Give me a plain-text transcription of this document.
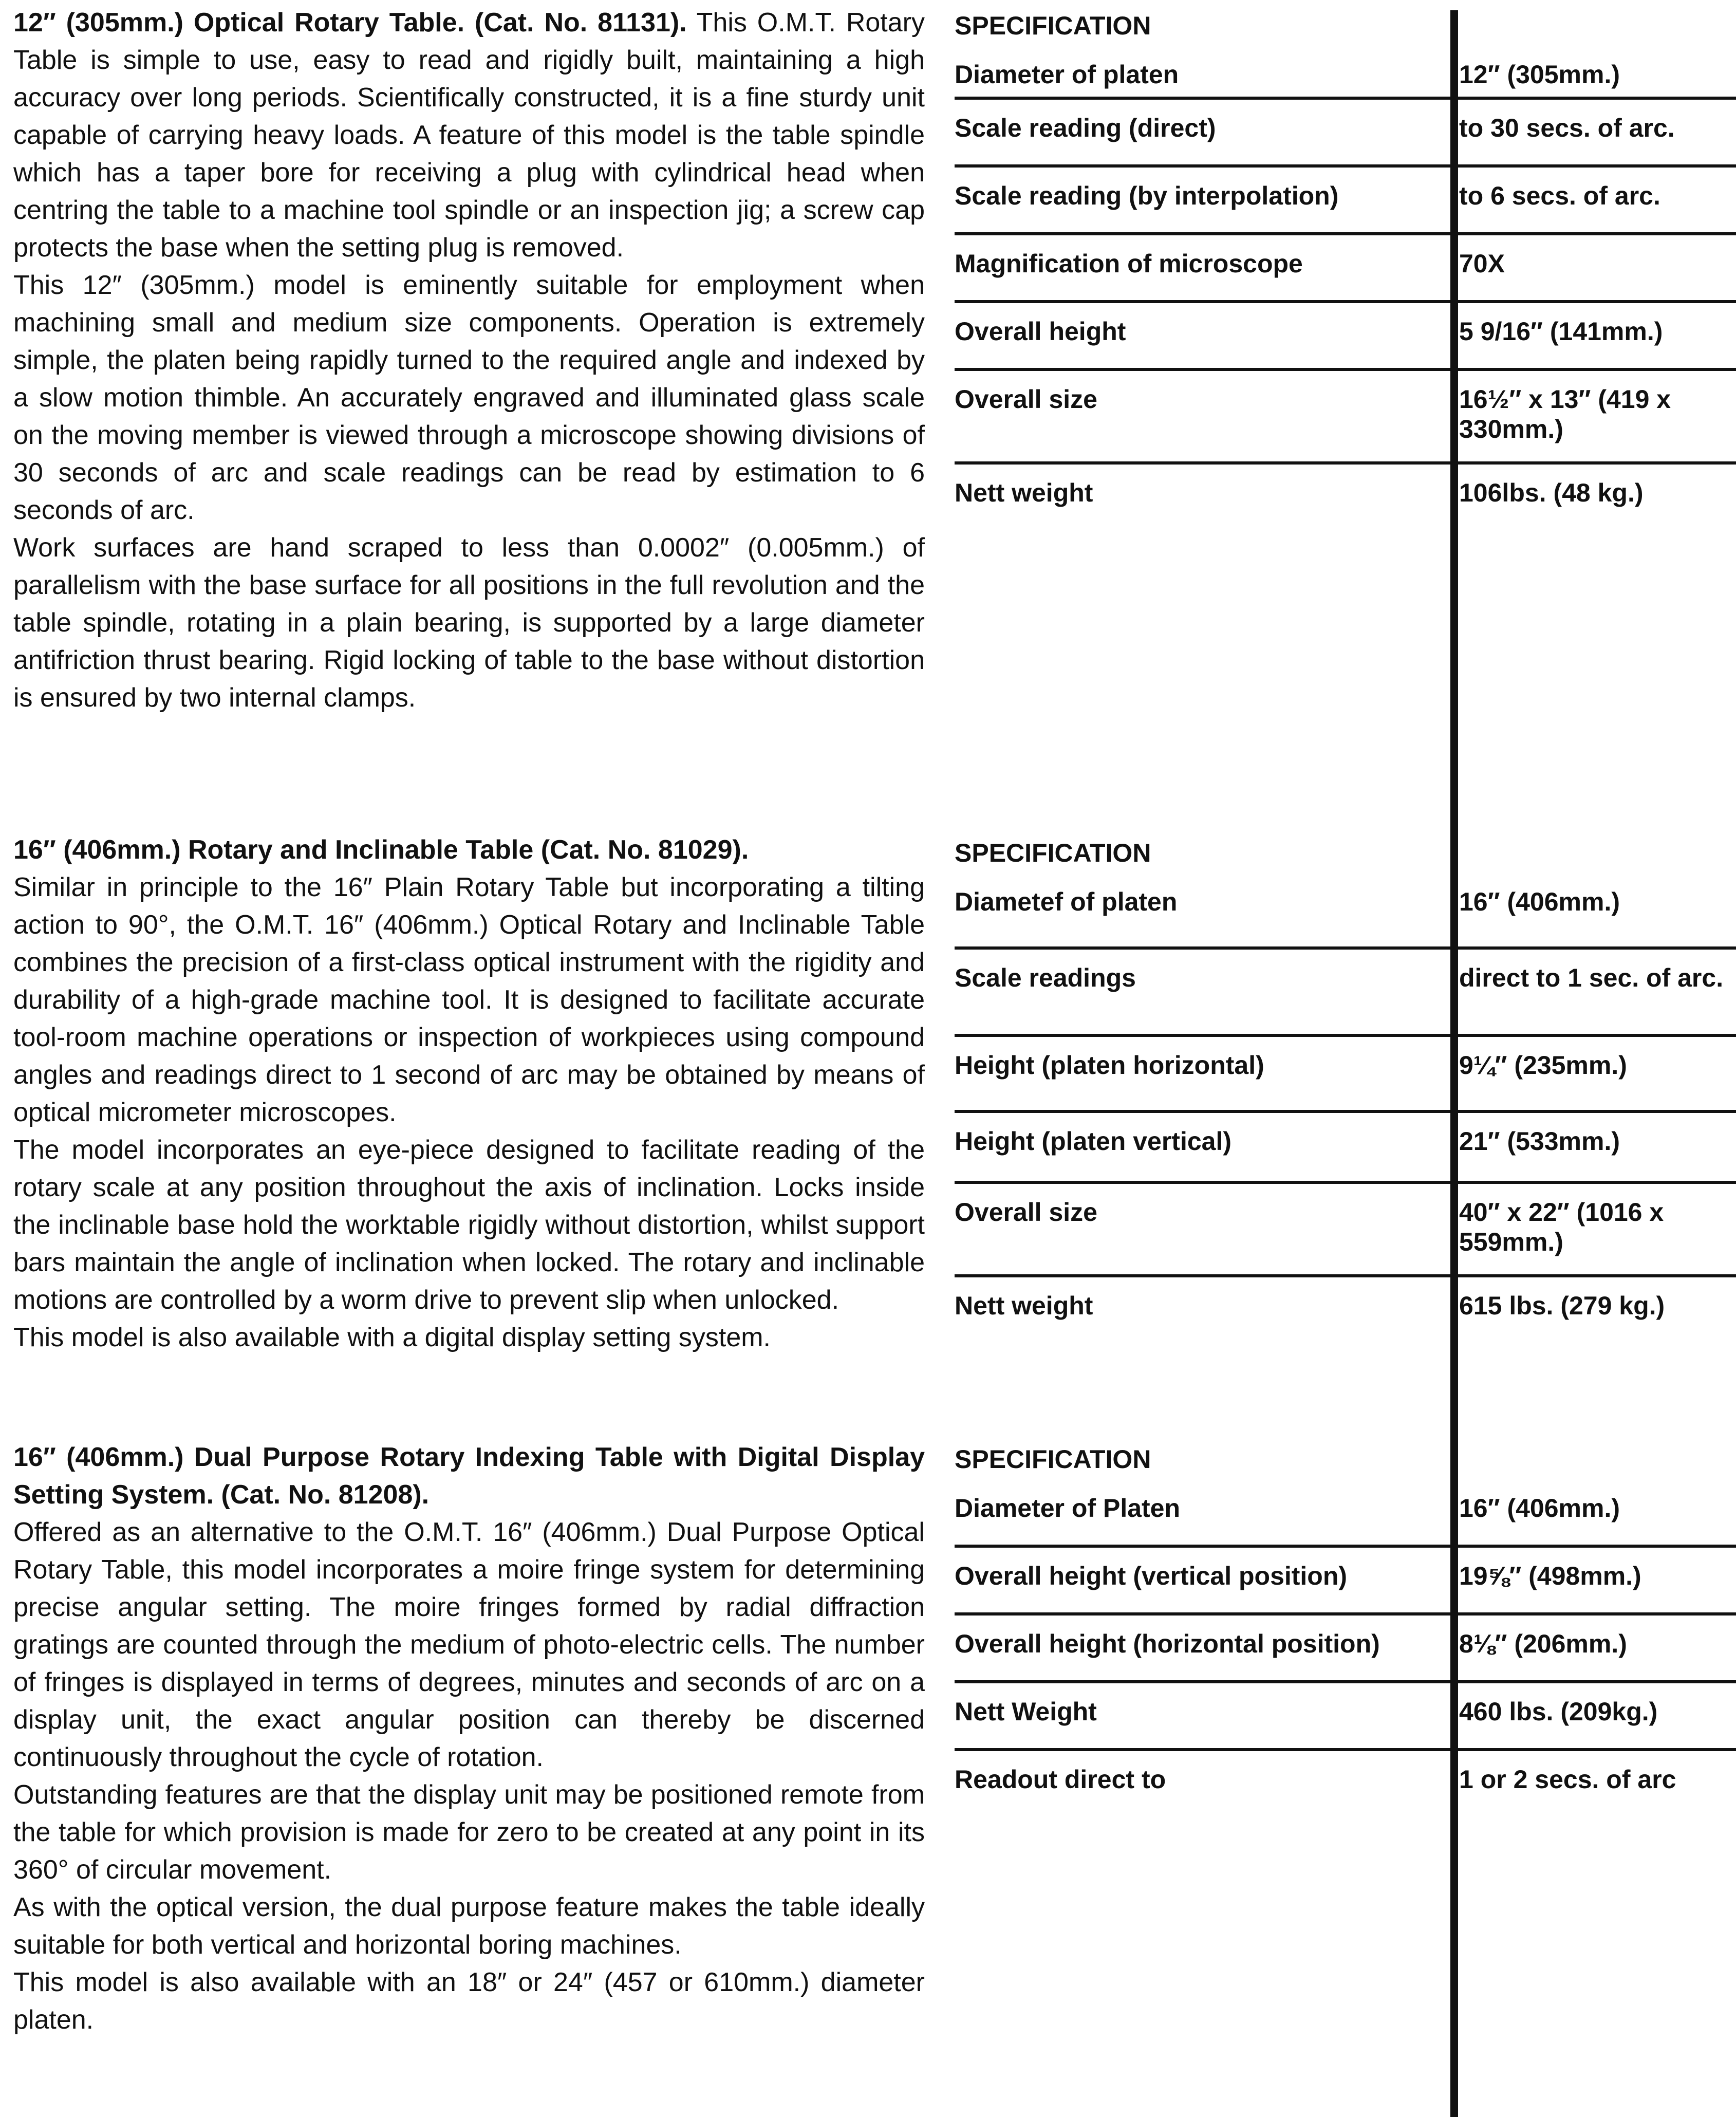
12″ (305mm.) Optical Rotary Table. (Cat. No. 81131). This O.M.T. Rotary Table is simple to use, easy to read and rigidly built, maintaining a high accuracy over long periods. Scientifically constructed, it is a fine sturdy unit capable of carrying heavy loads. A feature of this model is the table spindle which has a taper bore for receiving a plug with cylindrical head when centring the table to a machine tool spindle or an inspection jig; a screw cap protects the base when the setting plug is removed.

This 12″ (305mm.) model is eminently suitable for employment when machining small and medium size components. Operation is extremely simple, the platen being rapidly turned to the required angle and indexed by a slow motion thimble. An accurately engraved and illuminated glass scale on the moving member is viewed through a microscope showing divisions of 30 seconds of arc and scale readings can be read by estimation to 6 seconds of arc.

Work surfaces are hand scraped to less than 0.0002″ (0.005mm.) of parallelism with the base surface for all positions in the full revolution and the table spindle, rotating in a plain bearing, is supported by a large diameter antifriction thrust bearing. Rigid locking of table to the base without distortion is ensured by two internal clamps.

16″ (406mm.) Rotary and Inclinable Table (Cat. No. 81029).

Similar in principle to the 16″ Plain Rotary Table but incorporating a tilting action to 90°, the O.M.T. 16″ (406mm.) Optical Rotary and Inclinable Table combines the precision of a first-class optical instrument with the rigidity and durability of a high-grade machine tool. It is designed to facilitate accurate tool-room machine operations or inspection of workpieces using compound angles and readings direct to 1 second of arc may be obtained by means of optical micrometer microscopes.

The model incorporates an eye-piece designed to facilitate reading of the rotary scale at any position throughout the axis of inclination. Locks inside the inclinable base hold the worktable rigidly without distortion, whilst support bars maintain the angle of inclination when locked. The rotary and inclinable motions are controlled by a worm drive to prevent slip when unlocked.

This model is also available with a digital display setting system.

16″ (406mm.) Dual Purpose Rotary Indexing Table with Digital Display Setting System. (Cat. No. 81208).

Offered as an alternative to the O.M.T. 16″ (406mm.) Dual Purpose Optical Rotary Table, this model incorporates a moire fringe system for determining precise angular setting. The moire fringes formed by radial diffraction gratings are counted through the medium of photo-electric cells. The number of fringes is displayed in terms of degrees, minutes and seconds of arc on a display unit, the exact angular position can thereby be discerned continuously throughout the cycle of rotation.

Outstanding features are that the display unit may be positioned remote from the table for which provision is made for zero to be created at any point in its 360° of circular movement.

As with the optical version, the dual purpose feature makes the table ideally suitable for both vertical and horizontal boring machines.

This model is also available with an 18″ or 24″ (457 or 610mm.) diameter platen.

SPECIFICATION

Diameter of platen	12″ (305mm.)
Scale reading (direct)	to 30 secs. of arc.
Scale reading (by interpolation)	to 6 secs. of arc.
Magnification of microscope	70X
Overall height	5 9/16″ (141mm.)
Overall size	16½″ x 13″ (419 x 330mm.)
Nett weight	106lbs. (48 kg.)

SPECIFICATION

Diametef of platen	16″ (406mm.)
Scale readings	direct to 1 sec. of arc.
Height (platen horizontal)	9¼″ (235mm.)
Height (platen vertical)	21″ (533mm.)
Overall size	40″ x 22″ (1016 x 559mm.)
Nett weight	615 lbs. (279 kg.)

SPECIFICATION

Diameter of Platen	16″ (406mm.)
Overall height (vertical position)	19⅝″ (498mm.)
Overall height (horizontal position)	8⅛″ (206mm.)
Nett Weight	460 lbs. (209kg.)
Readout direct to	1 or 2 secs. of arc
